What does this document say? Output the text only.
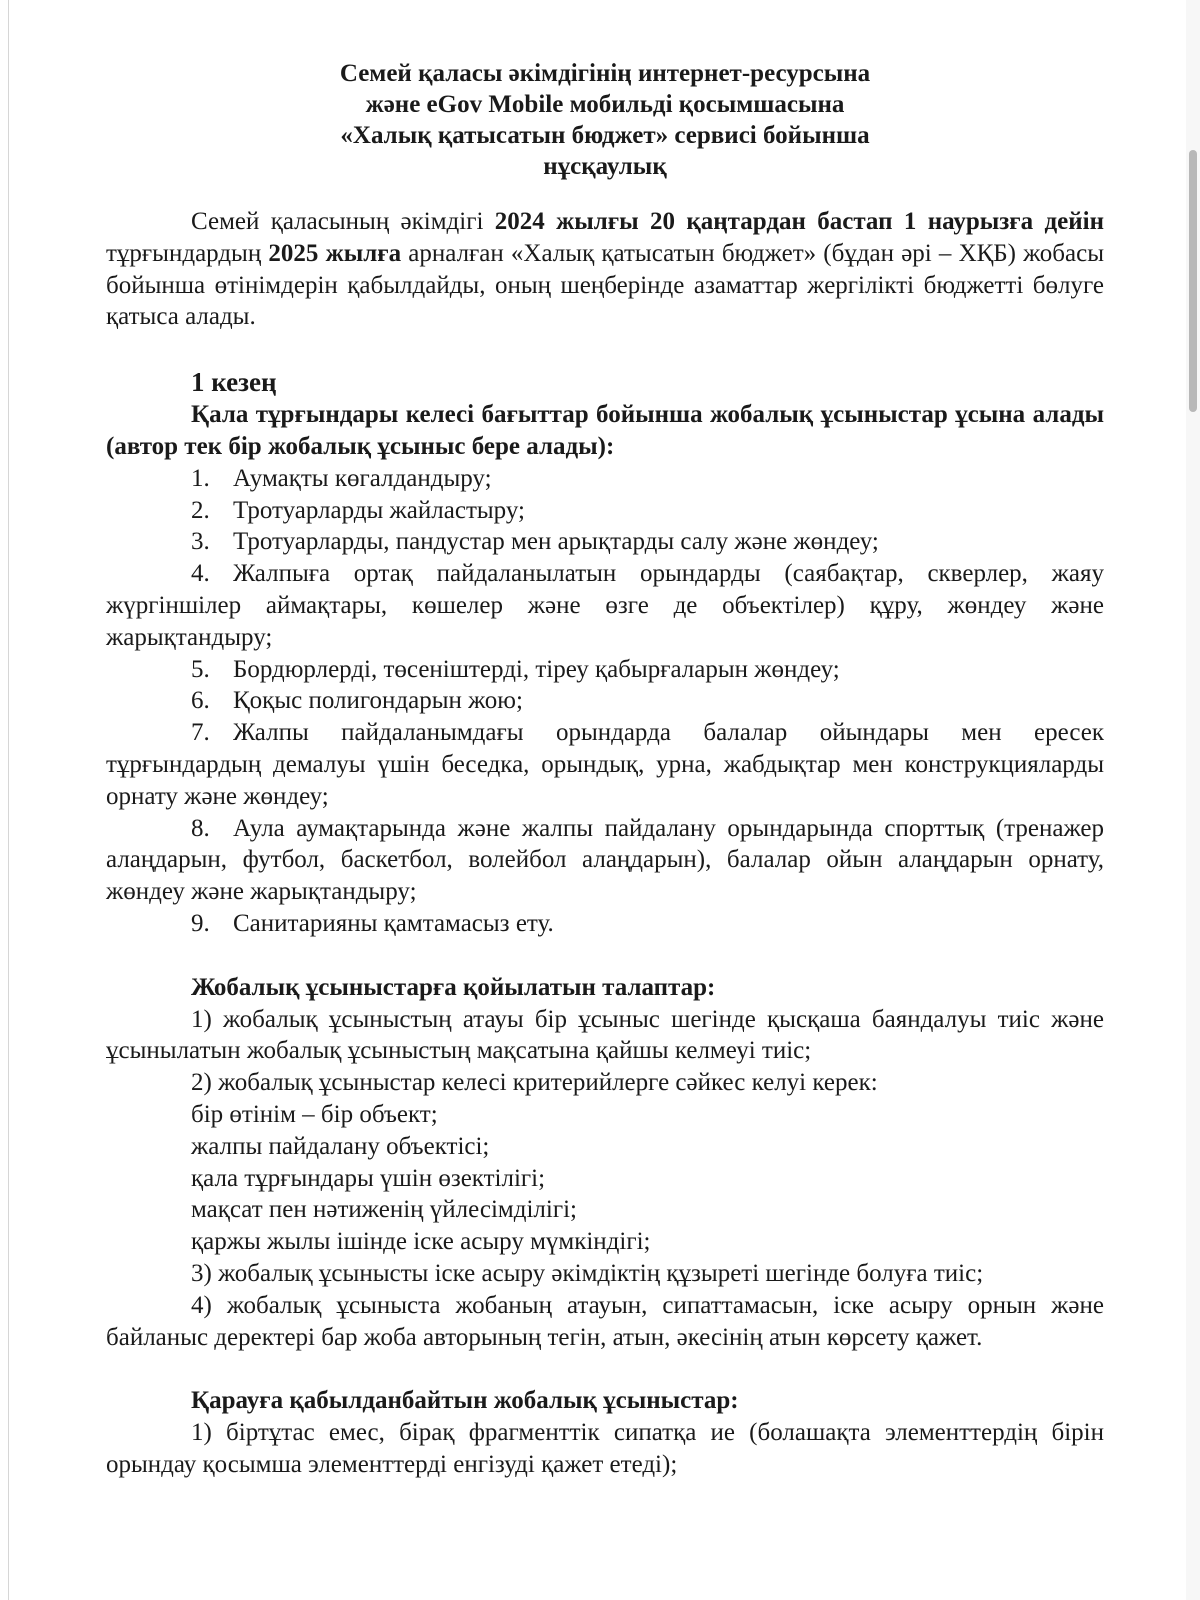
Семей қаласы әкімдігінің интернет-ресурсына
және eGov Mobile мобильді қосымшасына
«Халық қатысатын бюджет» сервисі бойынша
нұсқаулық

Семей қаласының әкімдігі 2024 жылғы 20 қаңтардан бастап 1 наурызға дейін тұрғындардың 2025 жылға арналған «Халық қатысатын бюджет» (бұдан әрі – ХҚБ) жобасы бойынша өтінімдерін қабылдайды, оның шеңберінде азаматтар жергілікті бюджетті бөлуге қатыса алады.

1 кезең

Қала тұрғындары келесі бағыттар бойынша жобалық ұсыныстар ұсына алады (автор тек бір жобалық ұсыныс бере алады):

1. Аумақты көгалдандыру;

2. Тротуарларды жайластыру;

3. Тротуарларды, пандустар мен арықтарды салу және жөндеу;

4. Жалпыға ортақ пайдаланылатын орындарды (саябақтар, скверлер, жаяу жүргіншілер аймақтары, көшелер және өзге де объектілер) құру, жөндеу және жарықтандыру;

5. Бордюрлерді, төсеніштерді, тіреу қабырғаларын жөндеу;

6. Қоқыс полигондарын жою;

7. Жалпы пайдаланымдағы орындарда балалар ойындары мен ересек тұрғындардың демалуы үшін беседка, орындық, урна, жабдықтар мен конструкцияларды орнату және жөндеу;

8. Аула аумақтарында және жалпы пайдалану орындарында спорттық (тренажер алаңдарын, футбол, баскетбол, волейбол алаңдарын), балалар ойын алаңдарын орнату, жөндеу және жарықтандыру;

9. Санитарияны қамтамасыз ету.

Жобалық ұсыныстарға қойылатын талаптар:

1) жобалық ұсыныстың атауы бір ұсыныс шегінде қысқаша баяндалуы тиіс және ұсынылатын жобалық ұсыныстың мақсатына қайшы келмеуі тиіс;

2) жобалық ұсыныстар келесі критерийлерге сәйкес келуі керек:

бір өтінім – бір объект;

жалпы пайдалану объектісі;

қала тұрғындары үшін өзектілігі;

мақсат пен нәтиженің үйлесімділігі;

қаржы жылы ішінде іске асыру мүмкіндігі;

3) жобалық ұсынысты іске асыру әкімдіктің құзыреті шегінде болуға тиіс;

4) жобалық ұсыныста жобаның атауын, сипаттамасын, іске асыру орнын және байланыс деректері бар жоба авторының тегін, атын, әкесінің атын көрсету қажет.

Қарауға қабылданбайтын жобалық ұсыныстар:

1) біртұтас емес, бірақ фрагменттік сипатқа ие (болашақта элементтердің бірін орындау қосымша элементтерді енгізуді қажет етеді);
